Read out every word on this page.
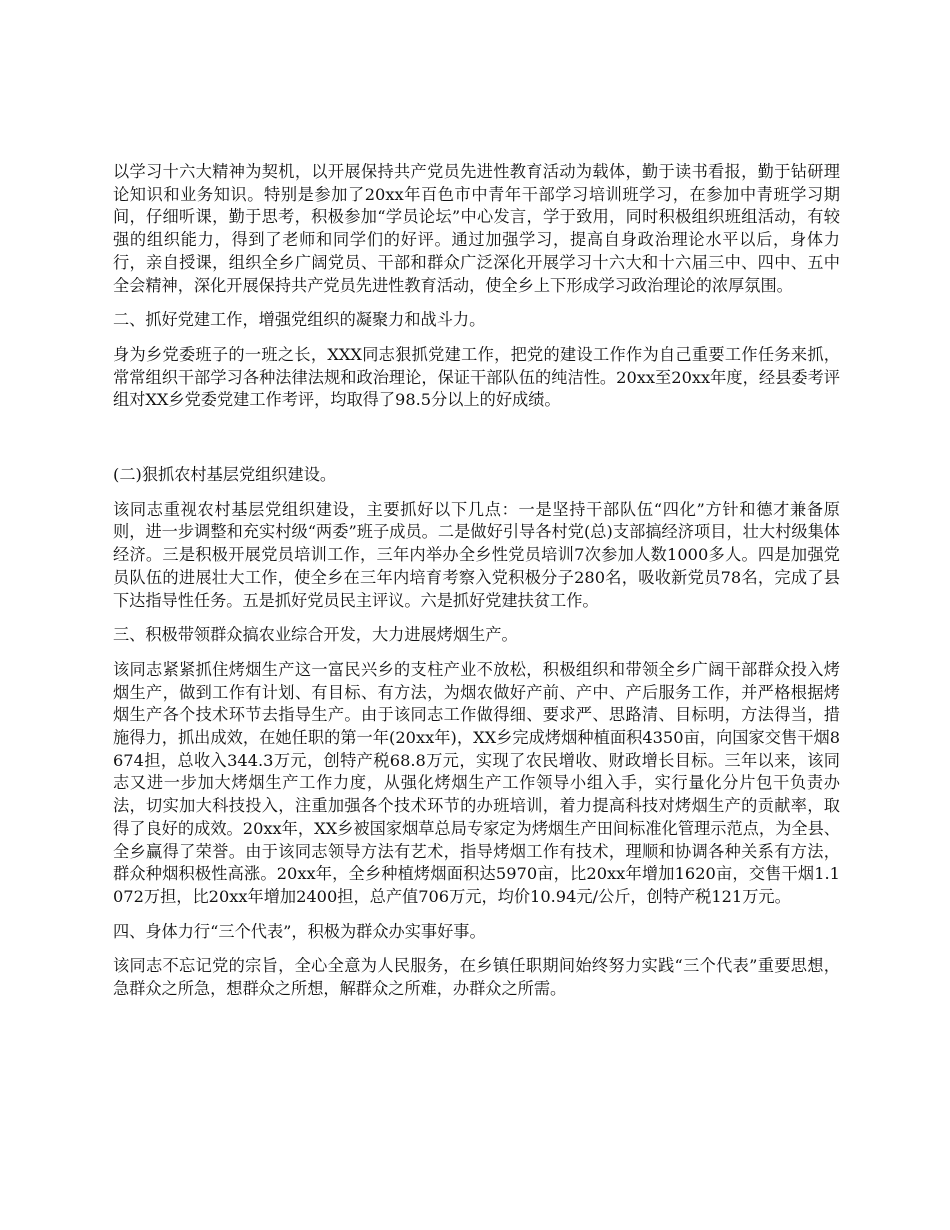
以学习十六大精神为契机，以开展保持共产党员先进性教育活动为载体，勤于读书看报，勤于钻研理论知识和业务知识。特别是参加了20xx年百色市中青年干部学习培训班学习，在参加中青班学习期间，仔细听课，勤于思考，积极参加“学员论坛”中心发言，学于致用，同时积极组织班组活动，有较强的组织能力，得到了老师和同学们的好评。通过加强学习，提高自身政治理论水平以后，身体力行，亲自授课，组织全乡广阔党员、干部和群众广泛深化开展学习十六大和十六届三中、四中、五中全会精神，深化开展保持共产党员先进性教育活动，使全乡上下形成学习政治理论的浓厚氛围。

二、抓好党建工作，增强党组织的凝聚力和战斗力。

身为乡党委班子的一班之长，XXX同志狠抓党建工作，把党的建设工作作为自己重要工作任务来抓，常常组织干部学习各种法律法规和政治理论，保证干部队伍的纯洁性。20xx至20xx年度，经县委考评组对XX乡党委党建工作考评，均取得了98.5分以上的好成绩。

(二)狠抓农村基层党组织建设。

该同志重视农村基层党组织建设，主要抓好以下几点：一是坚持干部队伍“四化”方针和德才兼备原则，进一步调整和充实村级“两委”班子成员。二是做好引导各村党(总)支部搞经济项目，壮大村级集体经济。三是积极开展党员培训工作，三年内举办全乡性党员培训7次参加人数1000多人。四是加强党员队伍的进展壮大工作，使全乡在三年内培育考察入党积极分子280名，吸收新党员78名，完成了县下达指导性任务。五是抓好党员民主评议。六是抓好党建扶贫工作。

三、积极带领群众搞农业综合开发，大力进展烤烟生产。

该同志紧紧抓住烤烟生产这一富民兴乡的支柱产业不放松，积极组织和带领全乡广阔干部群众投入烤烟生产，做到工作有计划、有目标、有方法，为烟农做好产前、产中、产后服务工作，并严格根据烤烟生产各个技术环节去指导生产。由于该同志工作做得细、要求严、思路清、目标明，方法得当，措施得力，抓出成效，在她任职的第一年(20xx年)，XX乡完成烤烟种植面积4350亩，向国家交售干烟8674担，总收入344.3万元，创特产税68.8万元，实现了农民增收、财政增长目标。三年以来，该同志又进一步加大烤烟生产工作力度，从强化烤烟生产工作领导小组入手，实行量化分片包干负责办法，切实加大科技投入，注重加强各个技术环节的办班培训，着力提高科技对烤烟生产的贡献率，取得了良好的成效。20xx年，XX乡被国家烟草总局专家定为烤烟生产田间标准化管理示范点，为全县、全乡赢得了荣誉。由于该同志领导方法有艺术，指导烤烟工作有技术，理顺和协调各种关系有方法，群众种烟积极性高涨。20xx年，全乡种植烤烟面积达5970亩，比20xx年增加1620亩，交售干烟1.1072万担，比20xx年增加2400担，总产值706万元，均价10.94元/公斤，创特产税121万元。

四、身体力行“三个代表”，积极为群众办实事好事。

该同志不忘记党的宗旨，全心全意为人民服务，在乡镇任职期间始终努力实践“三个代表”重要思想，急群众之所急，想群众之所想，解群众之所难，办群众之所需。
